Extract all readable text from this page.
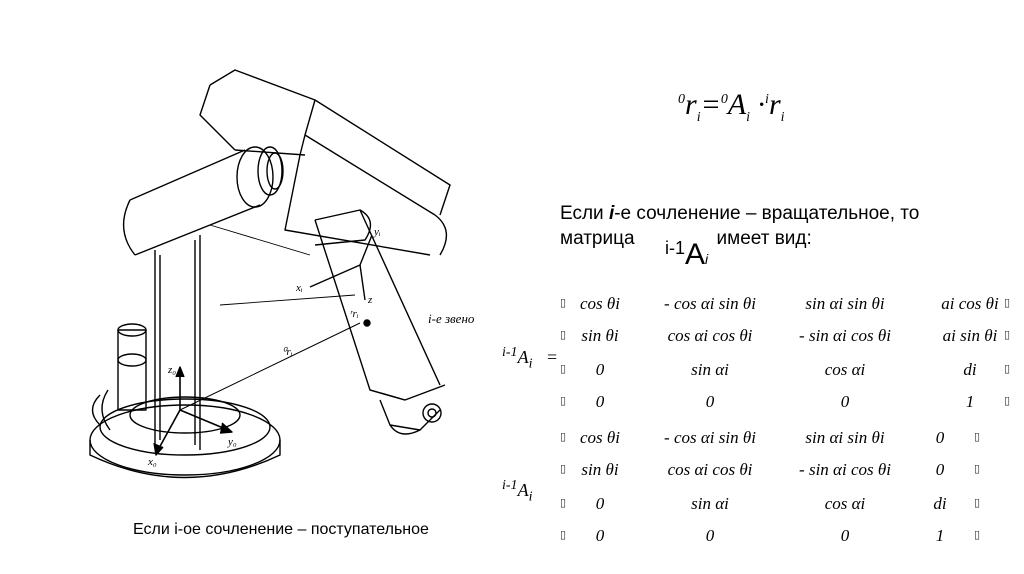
z₀
y₀
x₀
xᵢ
yᵢ
z
ʳrᵢ
⁰rᵢ
i-е звено
$^0r_i=^0A_i \cdot^ir_i$
Если i-е сочленение – вращательное, то
матрица	имеет вид:
i-1Ai
$^{i-1}A_i$ =
cos θi	- cos αi sin θi	sin αi sin θi	ai cos θi
▯	▯
sin θi	cos αi cos θi	- sin αi cos θi	ai sin θi
▯	▯
0	sin αi	cos αi	di
▯	▯
0	0	0	1
▯	▯
$^{i-1}A_i$
cos θi	- cos αi sin θi	sin αi sin θi	0
▯	▯
sin θi	cos αi cos θi	- sin αi cos θi	0
▯	▯
0	sin αi	cos αi	di
▯	▯
0	0	0	1
▯	▯
Если i-ое сочленение – поступательное
